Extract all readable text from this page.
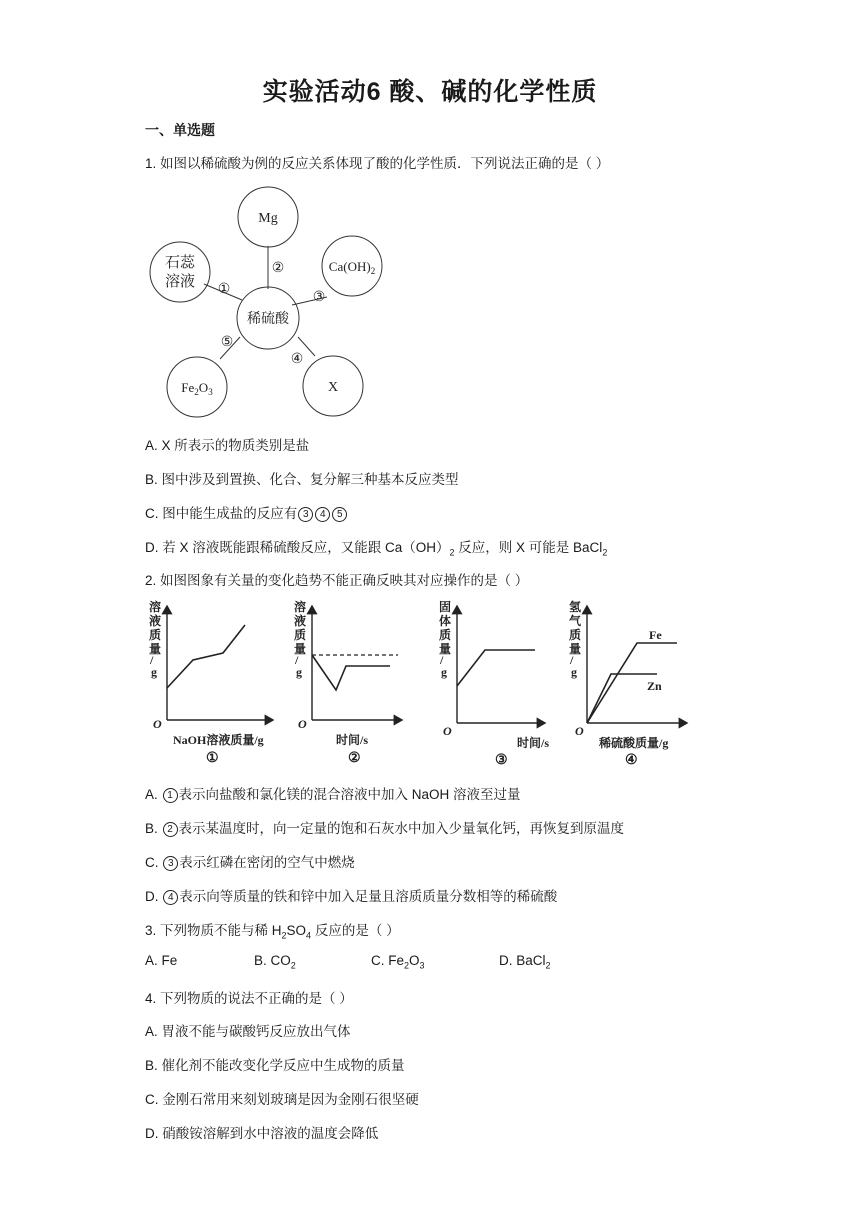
实验活动6 酸、碱的化学性质
一、单选题
1. 如图以稀硫酸为例的反应关系体现了酸的化学性质．下列说法正确的是（ ）
Mg
$Ca(OH)_2$
X
$Fe_2O_3$
石蕊
溶液
稀硫酸
①
②
③
④
⑤
A. X 所表示的物质类别是盐
B. 图中涉及到置换、化合、复分解三种基本反应类型
C. 图中能生成盐的反应有 3 4 5
D. 若 X 溶液既能跟稀硫酸反应，又能跟 $Ca(OH)_2$ 反应，则 X 可能是 BaCl$_2$
2. 如图图象有关量的变化趋势不能正确反映其对应操作的是（ ）
溶
液
质
量
/
g
O
NaOH溶液质量/g
①
溶
液
质
量
/
g
O
时间/s
②
固
体
质
量
/
g
O
时间/s
③
氢
气
质
量
/
g
O
Fe
Zn
稀硫酸质量/g
④
A. 1 表示向盐酸和氯化镁的混合溶液中加入 NaOH 溶液至过量
B. 2 表示某温度时，向一定量的饱和石灰水中加入少量氧化钙，再恢复到原温度
C. 3 表示红磷在密闭的空气中燃烧
D. 4 表示向等质量的铁和锌中加入足量且溶质质量分数相等的稀硫酸
3. 下列物质不能与稀 $H_2SO_4$ 反应的是（ ）
A. Fe	B. $CO_2$	C. $Fe_2O_3$	D. BaCl$_2$
4. 下列物质的说法不正确的是（ ）
A. 胃液不能与碳酸钙反应放出气体
B. 催化剂不能改变化学反应中生成物的质量
C. 金刚石常用来刻划玻璃是因为金刚石很坚硬
D. 硝酸铵溶解到水中溶液的温度会降低
